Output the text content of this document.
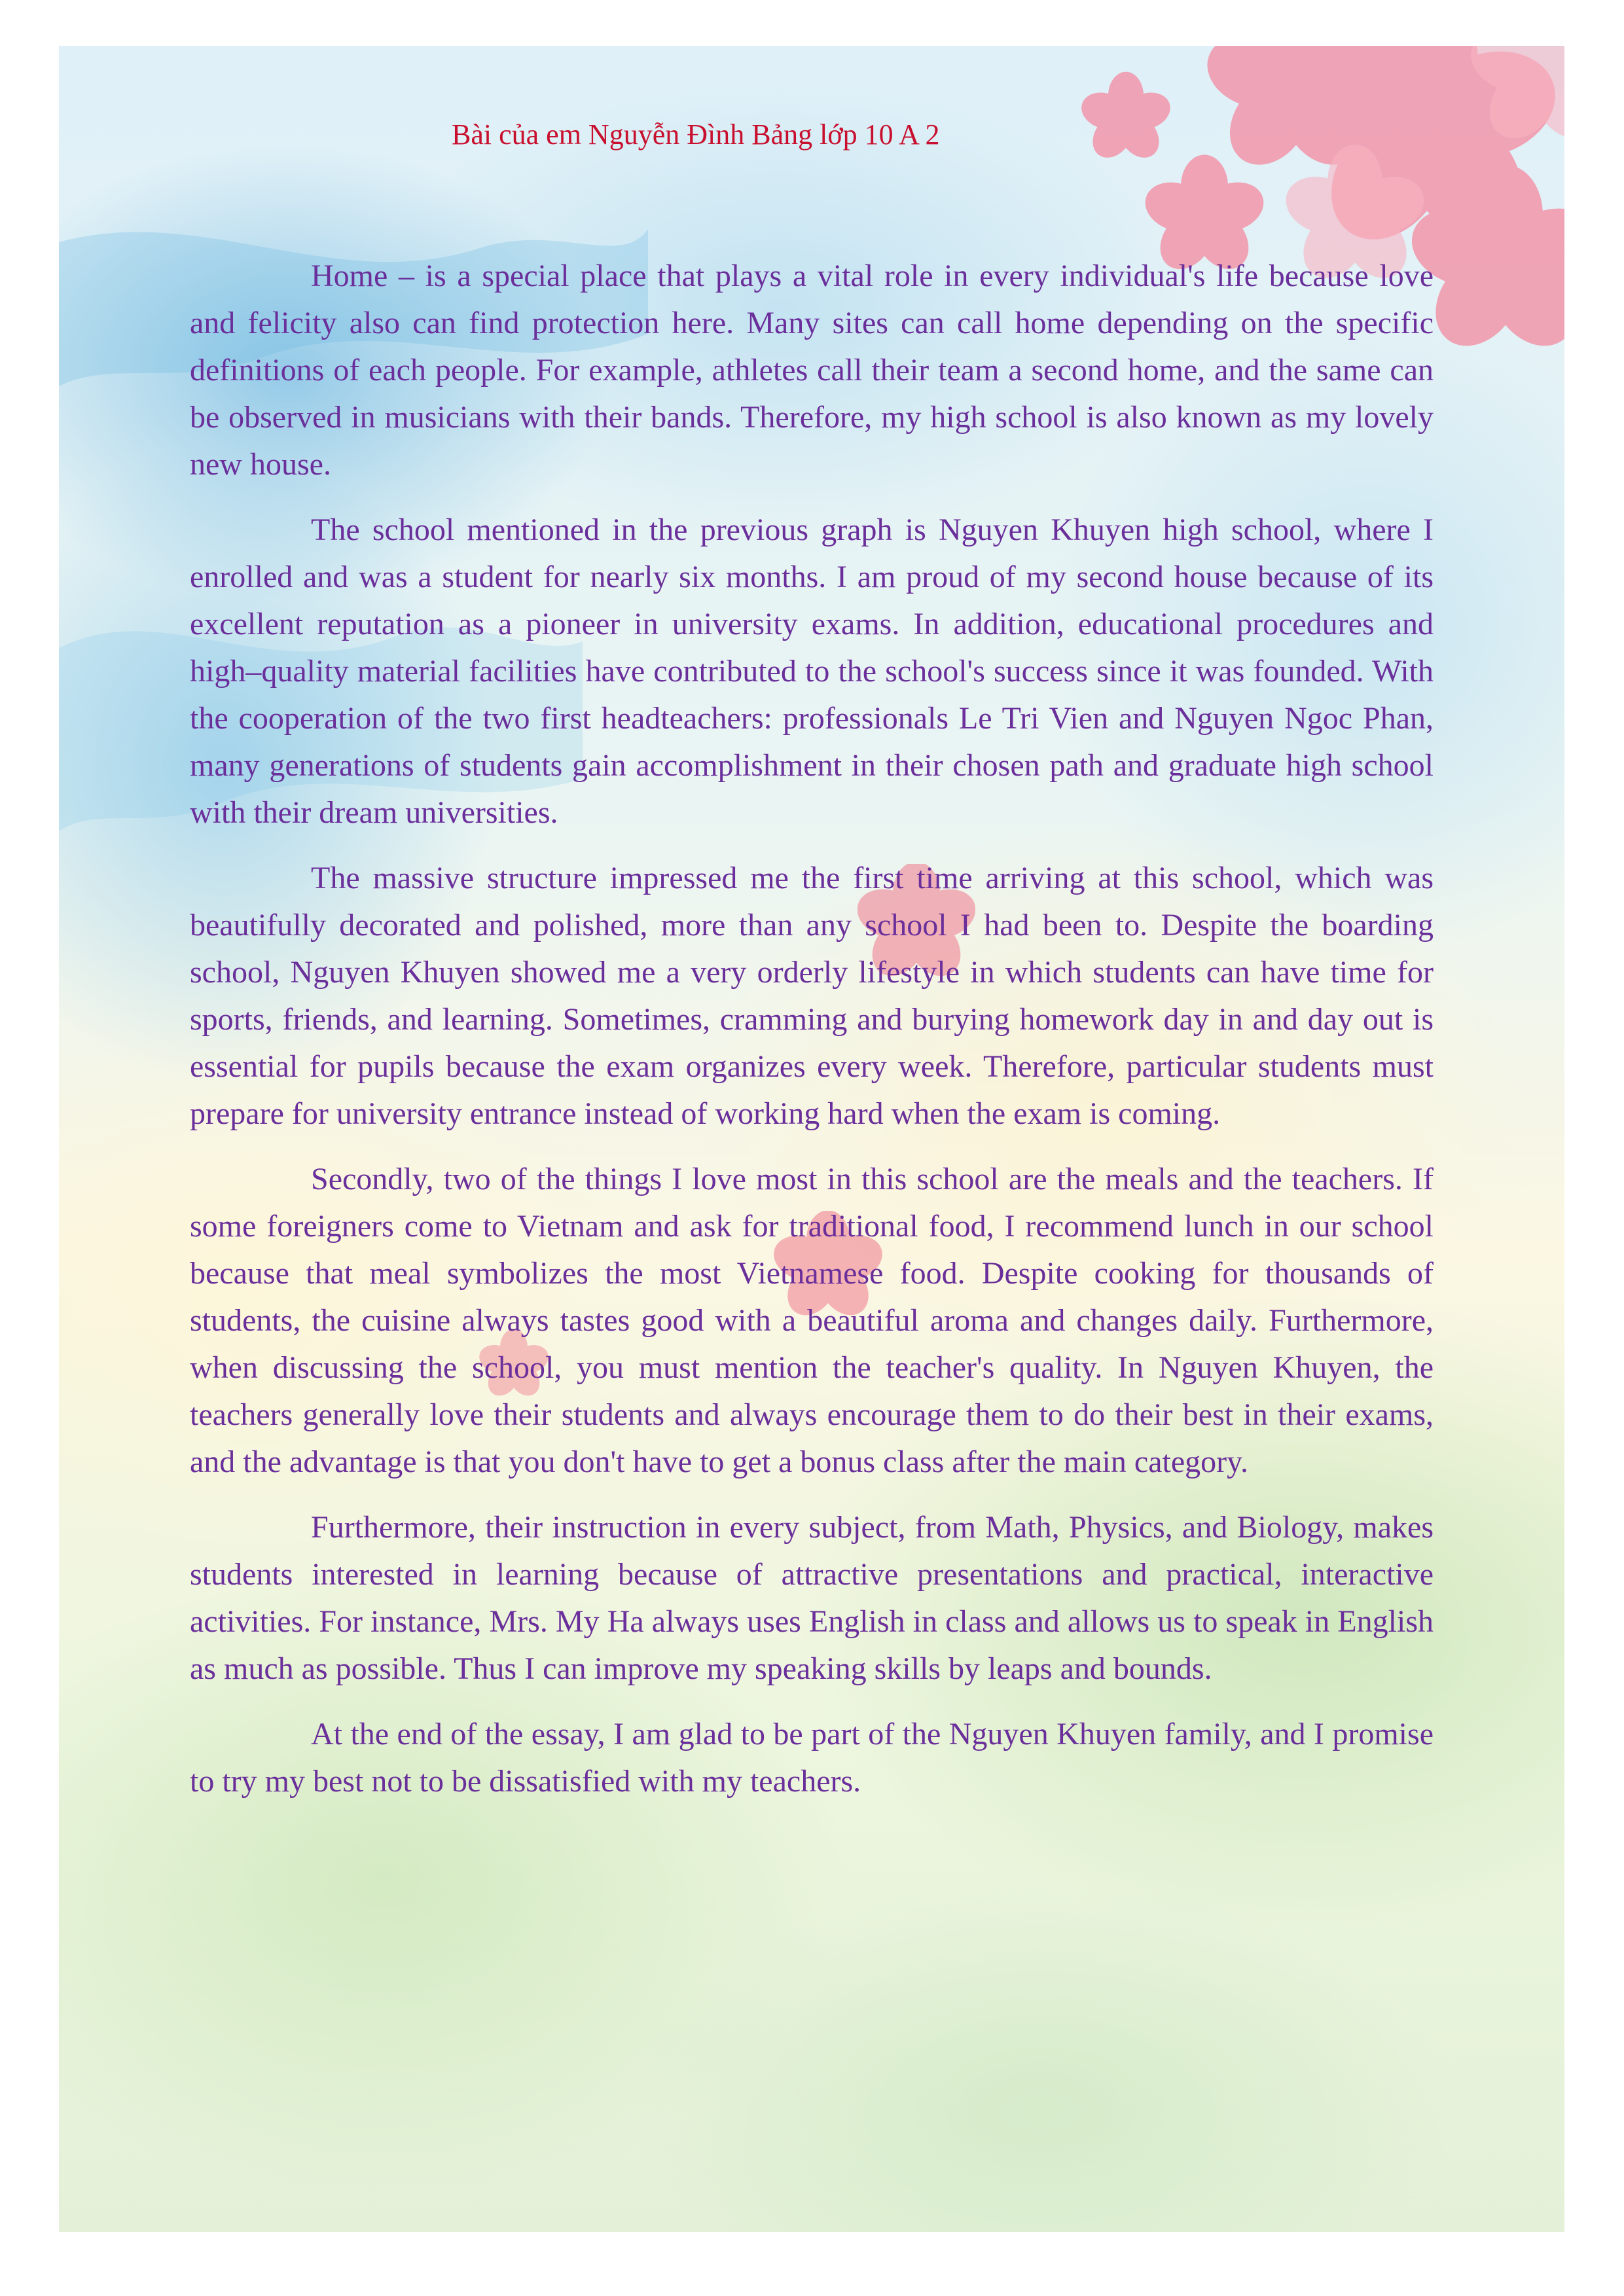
Bài của em Nguyễn Đình Bảng lớp 10 A 2

Home – is a special place that plays a vital role in every individual's life because love and felicity also can find protection here. Many sites can call home depending on the specific definitions of each people. For example, athletes call their team a second home, and the same can be observed in musicians with their bands. Therefore, my high school is also known as my lovely new house.

The school mentioned in the previous graph is Nguyen Khuyen high school, where I enrolled and was a student for nearly six months. I am proud of my second house because of its excellent reputation as a pioneer in university exams. In addition, educational procedures and high–quality material facilities have contributed to the school's success since it was founded. With the cooperation of the two first headteachers: professionals Le Tri Vien and Nguyen Ngoc Phan, many generations of students gain accomplishment in their chosen path and graduate high school with their dream universities.

The massive structure impressed me the first time arriving at this school, which was beautifully decorated and polished, more than any school I had been to. Despite the boarding school, Nguyen Khuyen showed me a very orderly lifestyle in which students can have time for sports, friends, and learning. Sometimes, cramming and burying homework day in and day out is essential for pupils because the exam organizes every week. Therefore, particular students must prepare for university entrance instead of working hard when the exam is coming.

Secondly, two of the things I love most in this school are the meals and the teachers. If some foreigners come to Vietnam and ask for traditional food, I recommend lunch in our school because that meal symbolizes the most Vietnamese food. Despite cooking for thousands of students, the cuisine always tastes good with a beautiful aroma and changes daily. Furthermore, when discussing the school, you must mention the teacher's quality. In Nguyen Khuyen, the teachers generally love their students and always encourage them to do their best in their exams, and the advantage is that you don't have to get a bonus class after the main category.

Furthermore, their instruction in every subject, from Math, Physics, and Biology, makes students interested in learning because of attractive presentations and practical, interactive activities. For instance, Mrs. My Ha always uses English in class and allows us to speak in English as much as possible. Thus I can improve my speaking skills by leaps and bounds.

At the end of the essay, I am glad to be part of the Nguyen Khuyen family, and I promise to try my best not to be dissatisfied with my teachers.
